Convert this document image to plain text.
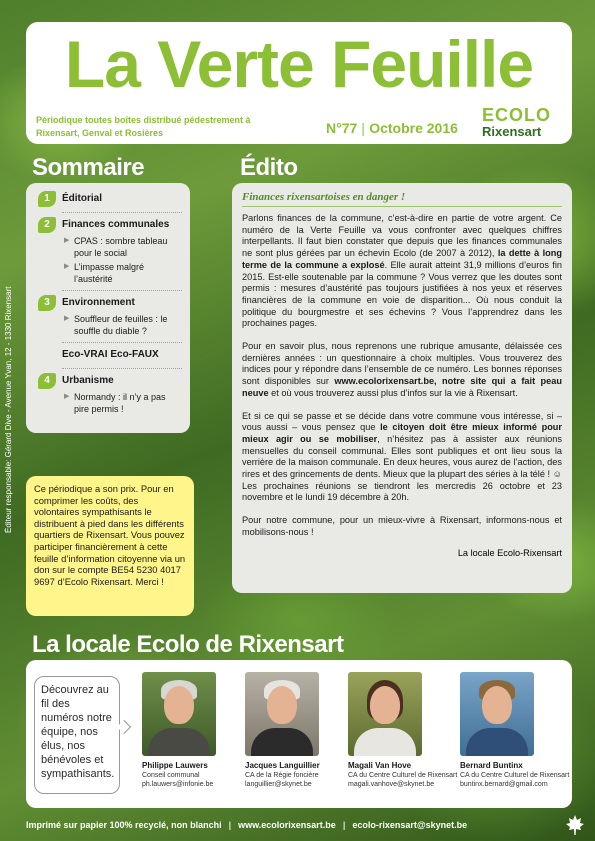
Éditeur responsable: Gérard Dive - Avenue Yvan, 12 - 1330 Rixensart
La Verte Feuille
Périodique toutes boîtes distribué pédestrement à Rixensart, Genval et Rosières	N°77 | Octobre 2016
ECOLO
Rixensart
Sommaire
1	Éditorial
2	Finances communales
▶ CPAS : sombre tableau pour le social
▶ L’impasse malgré l’austérité
3	Environnement
▶ Souffleur de feuilles : le souffle du diable ?
Eco-VRAI Eco-FAUX
4	Urbanisme
▶ Normandy : il n’y a pas pire permis !
Ce périodique a son prix. Pour en comprimer les coûts, des volontaires sympathisants le distribuent à pied dans les différents quartiers de Rixensart. Vous pouvez participer financièrement à cette feuille d’information citoyenne via un don sur le compte BE54 5230 4017 9697 d’Ecolo Rixensart. Merci !
Édito
Finances rixensartoises en danger !

Parlons finances de la commune, c’est-à-dire en partie de votre argent. Ce numéro de la Verte Feuille va vous confronter avec quelques chiffres interpellants. Il faut bien constater que depuis que les finances communales ne sont plus gérées par un échevin Ecolo (de 2007 à 2012), la dette à long terme de la commune a explosé. Elle aurait atteint 31,9 millions d’euros fin 2015. Est-elle soutenable par la commune ? Vous verrez que les doutes sont permis : mesures d’austérité pas toujours justifiées à nos yeux et réserves financières de la commune en voie de disparition... Où nous conduit la politique du bourgmestre et ses échevins ? Vous l’apprendrez dans les prochaines pages.

Pour en savoir plus, nous reprenons une rubrique amusante, délaissée ces dernières années : un questionnaire à choix multiples. Vous trouverez des indices pour y répondre dans l’ensemble de ce numéro. Les bonnes réponses sont disponibles sur www.ecolorixensart.be, notre site qui a fait peau neuve et où vous trouverez aussi plus d’infos sur la vie à Rixensart.

Et si ce qui se passe et se décide dans votre commune vous intéresse, si – vous aussi – vous pensez que le citoyen doit être mieux informé pour mieux agir ou se mobiliser, n’hésitez pas à assister aux réunions mensuelles du conseil communal. Elles sont publiques et ont lieu sous la verrière de la maison communale. En deux heures, vous aurez de l’action, des rires et des grincements de dents. Mieux que la plupart des séries à la télé ! ☺ Les prochaines réunions se tiendront les mercredis 26 octobre et 23 novembre et le lundi 19 décembre à 20h.

Pour notre commune, pour un mieux-vivre à Rixensart, informons-nous et mobilisons-nous !

La locale Ecolo-Rixensart
La locale Ecolo de Rixensart
Découvrez au fil des numéros notre équipe, nos élus, nos bénévoles et sympathisants.
Philippe Lauwers
Conseil communal
ph.lauwers@infonie.be
Jacques Languillier
CA de la Régie foncière
languillier@skynet.be
Magali Van Hove
CA du Centre Culturel de Rixensart
magali.vanhove@skynet.be
Bernard Buntinx
CA du Centre Culturel de Rixensart
buntinx.bernard@gmail.com
Imprimé sur papier 100% recyclé, non blanchi | www.ecolorixensart.be | ecolo-rixensart@skynet.be
